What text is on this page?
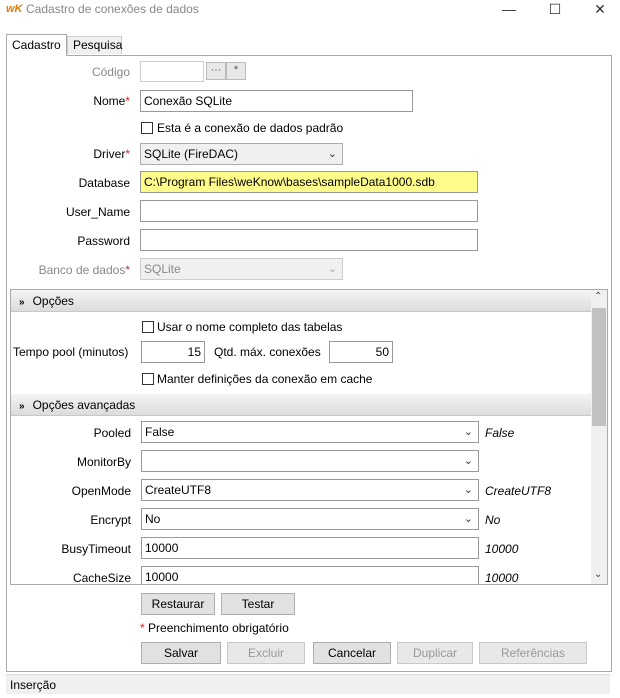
wK Cadastro de conexões de dados	—	☐	✕
Cadastro	Pesquisa
Código	···	*
Nome*	Conexão SQLite
Esta é a conexão de dados padrão
Driver*	SQLite (FireDAC)	⌄
Database	C:\Program Files\weKnow\bases\sampleData1000.sdb
User_Name
Password
Banco de dados*	SQLite	⌄
» Opções
Usar o nome completo das tabelas
Tempo pool (minutos)	15	Qtd. máx. conexões	50
Manter definições da conexão em cache
» Opções avançadas
Pooled	False	⌄ False
MonitorBy	⌄
OpenMode	CreateUTF8	⌄ CreateUTF8
Encrypt	No	⌄ No
BusyTimeout	10000	10000
CacheSize	10000	10000
⌃
⌄
Restaurar	Testar
* Preenchimento obrigatório
Salvar	Excluir	Cancelar	Duplicar	Referências
Inserção
